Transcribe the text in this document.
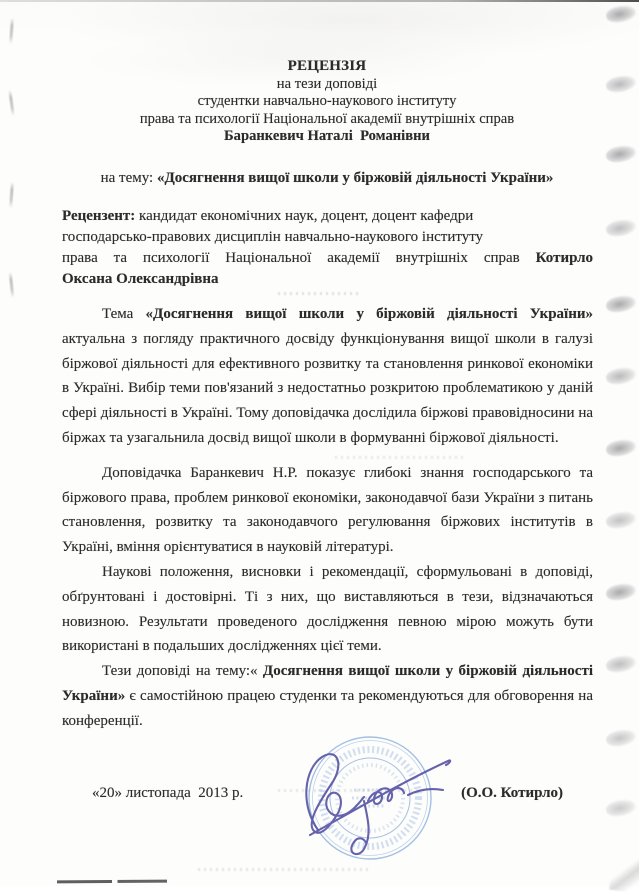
РЕЦЕНЗІЯ
на тези доповіді
студентки навчально-наукового інституту
права та психології Національної академії внутрішніх справ
Баранкевич Наталі  Романівни
на тему: «Досягнення вищої школи у біржовій діяльності України»
Рецензент: кандидат економічних наук, доцент, доцент кафедри
господарсько-правових дисциплін навчально-наукового інституту
права та психології Національної академії внутрішніх справ Котирло
Оксана Олександрівна

Тема «Досягнення вищої школи у біржовій діяльності України» актуальна з погляду практичного досвіду функціонування вищої школи в галузі біржової діяльності для ефективного розвитку та становлення ринкової економіки в Україні. Вибір теми пов'язаний з недостатньо розкритою проблематикою у даній сфері діяльності в Україні. Тому доповідачка дослідила біржові правовідносини на біржах та узагальнила досвід вищої школи в формуванні біржової діяльності.

Доповідачка Баранкевич Н.Р. показує глибокі знання господарського та біржового права, проблем ринкової економіки, законодавчої бази України з питань становлення, розвитку та законодавчого регулювання біржових інститутів в Україні, вміння орієнтуватися в науковій літературі.

Наукові положення, висновки і рекомендації, сформульовані в доповіді, обґрунтовані і достовірні. Ті з них, що виставляються в тези, відзначаються новизною. Результати проведеного дослідження певною мірою можуть бути використані в подальших дослідженнях цієї теми.

Тези доповіді на тему:« Досягнення вищої школи у біржовій діяльності України» є самостійною працею студенки та рекомендуються для обговорення на конференції.

«20» листопада  2013 р.	(О.О. Котирло)
